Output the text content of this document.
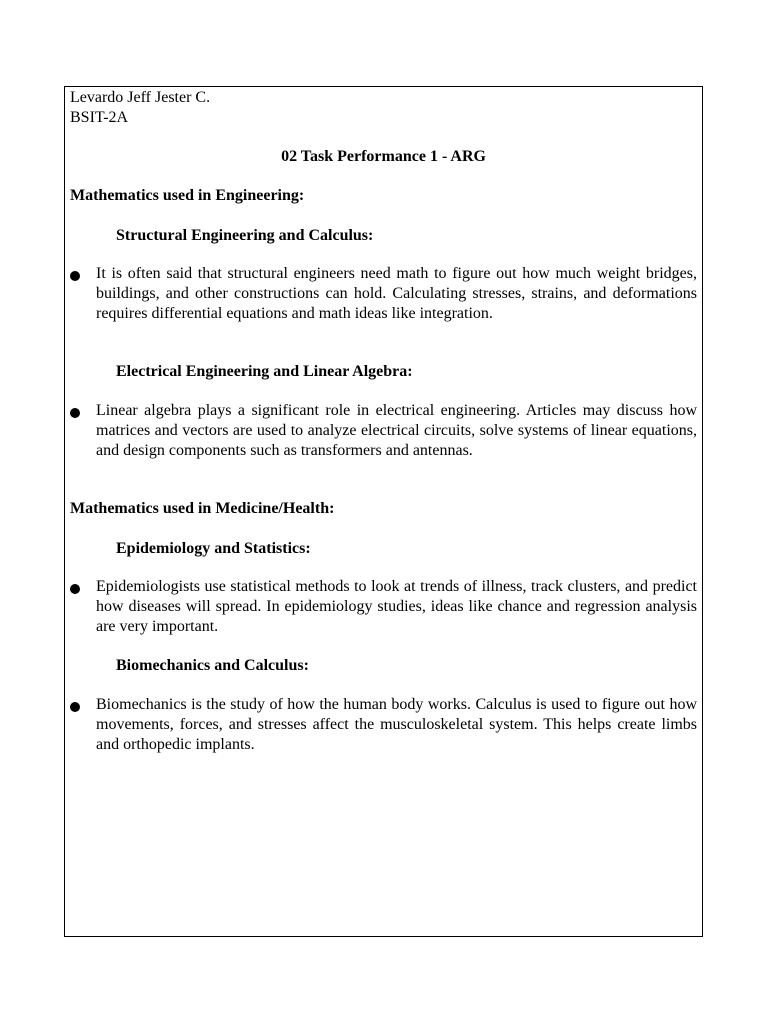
Levardo Jeff Jester C.
BSIT-2A
02 Task Performance 1 - ARG
Mathematics used in Engineering:
Structural Engineering and Calculus:
It is often said that structural engineers need math to figure out how much weight bridges, buildings, and other constructions can hold. Calculating stresses, strains, and deformations requires differential equations and math ideas like integration.
Electrical Engineering and Linear Algebra:
Linear algebra plays a significant role in electrical engineering. Articles may discuss how matrices and vectors are used to analyze electrical circuits, solve systems of linear equations, and design components such as transformers and antennas.
Mathematics used in Medicine/Health:
Epidemiology and Statistics:
Epidemiologists use statistical methods to look at trends of illness, track clusters, and predict how diseases will spread. In epidemiology studies, ideas like chance and regression analysis are very important.
Biomechanics and Calculus:
Biomechanics is the study of how the human body works. Calculus is used to figure out how movements, forces, and stresses affect the musculoskeletal system. This helps create limbs and orthopedic implants.
